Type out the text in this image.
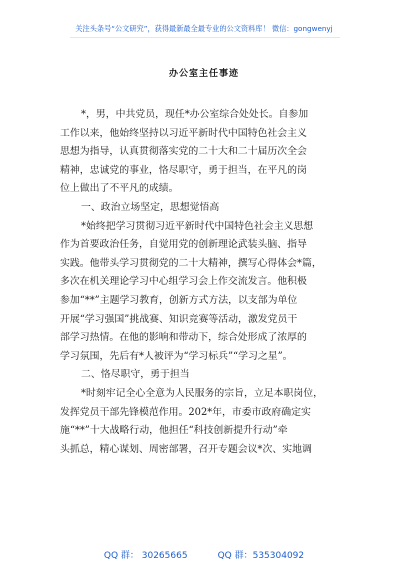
关注头条号“公文研究”，获得最新最全最专业的公文资料库！ 微信：gongwenyj
办公室主任事迹
*，男，中共党员，现任*办公室综合处处长。自参加
工作以来，他始终坚持以习近平新时代中国特色社会主义
思想为指导，认真贯彻落实党的二十大和二十届历次全会
精神，忠诚党的事业，恪尽职守，勇于担当，在平凡的岗
位上做出了不平凡的成绩。
一、政治立场坚定，思想觉悟高
*始终把学习贯彻习近平新时代中国特色社会主义思想
作为首要政治任务，自觉用党的创新理论武装头脑、指导
实践。他带头学习贯彻党的二十大精神，撰写心得体会*篇，
多次在机关理论学习中心组学习会上作交流发言。他积极
参加“**”主题学习教育，创新方式方法，以支部为单位
开展“学习强国”挑战赛、知识竞赛等活动，激发党员干
部学习热情。在他的影响和带动下，综合处形成了浓厚的
学习氛围，先后有*人被评为“学习标兵”“学习之星”。
二、恪尽职守，勇于担当
*时刻牢记全心全意为人民服务的宗旨，立足本职岗位，
发挥党员干部先锋模范作用。202*年，市委市政府确定实
施“**”十大战略行动，他担任“科技创新提升行动”牵
头抓总，精心谋划、周密部署，召开专题会议*次、实地调
QQ 群： 30265665	QQ 群：535304092
